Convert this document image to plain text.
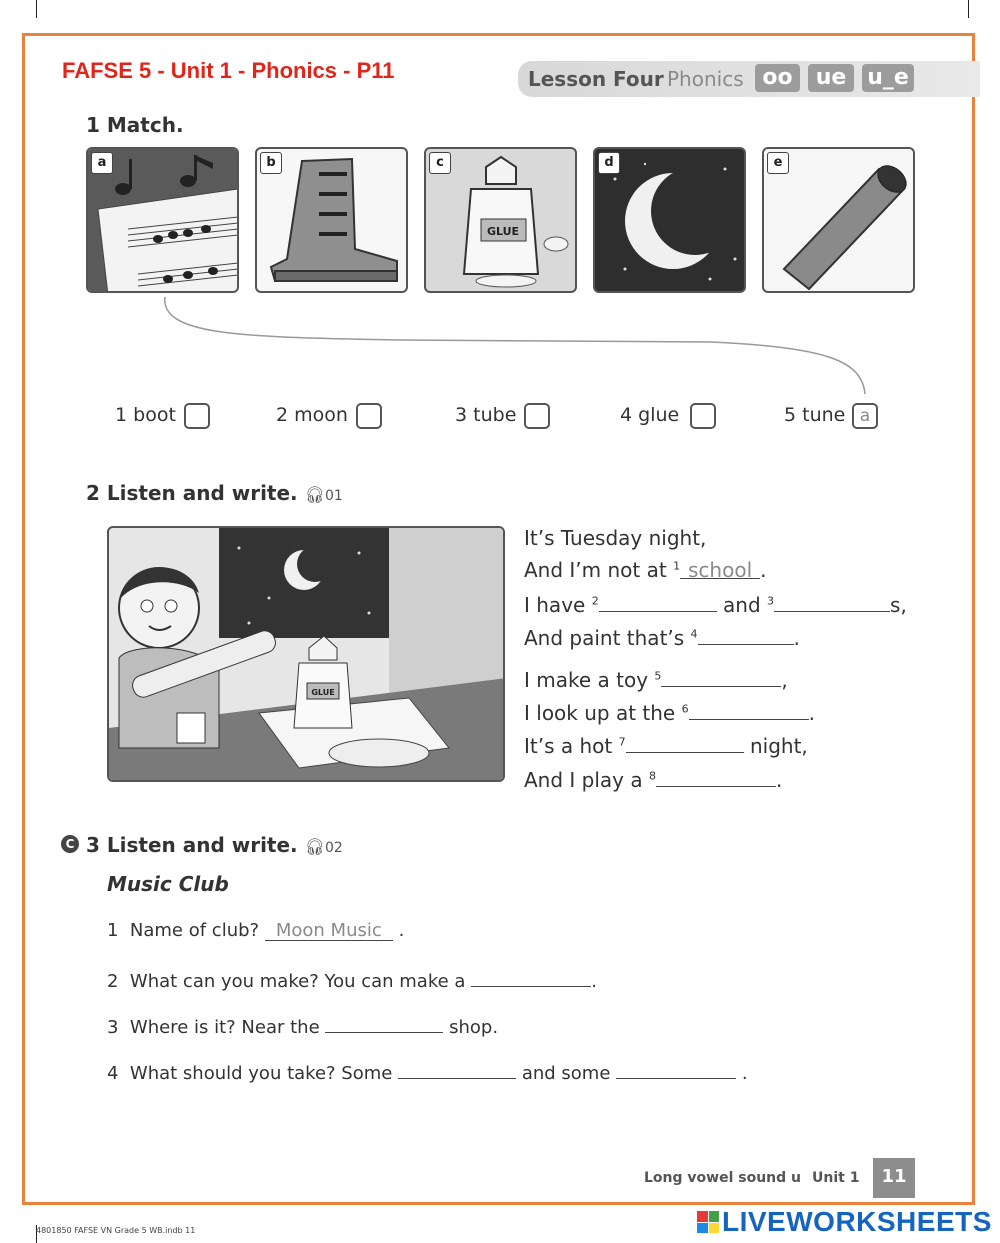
FAFSE 5 - Unit 1 - Phonics - P11	Lesson Four Phonics oo	ue u_e
1 Match.
a	b
GLUE
c	d	e
1 boot	2 moon	3 tube	4 glue	5 tune a
2 Listen and write. 🎧︎01
GLUE
It’s Tuesday night,
And I’m not at $^1$ school .
I have $^2$	and $^3$	s,
And paint that’s $^4$	.
I make a toy $^5$	,
I look up at the $^6$	.
It’s a hot $^7$	night,
And I play a $^8$	.
C 3 Listen and write. 🎧︎02
Music Club
1 Name of club? Moon Music .
2 What can you make? You can make a	.
3 Where is it? Near the	shop.
4 What should you take? Some	and some	.
Long vowel sound u Unit 1	11
4801850 FAFSE VN Grade 5 WB.indb 11	LIVEWORKSHEETS
